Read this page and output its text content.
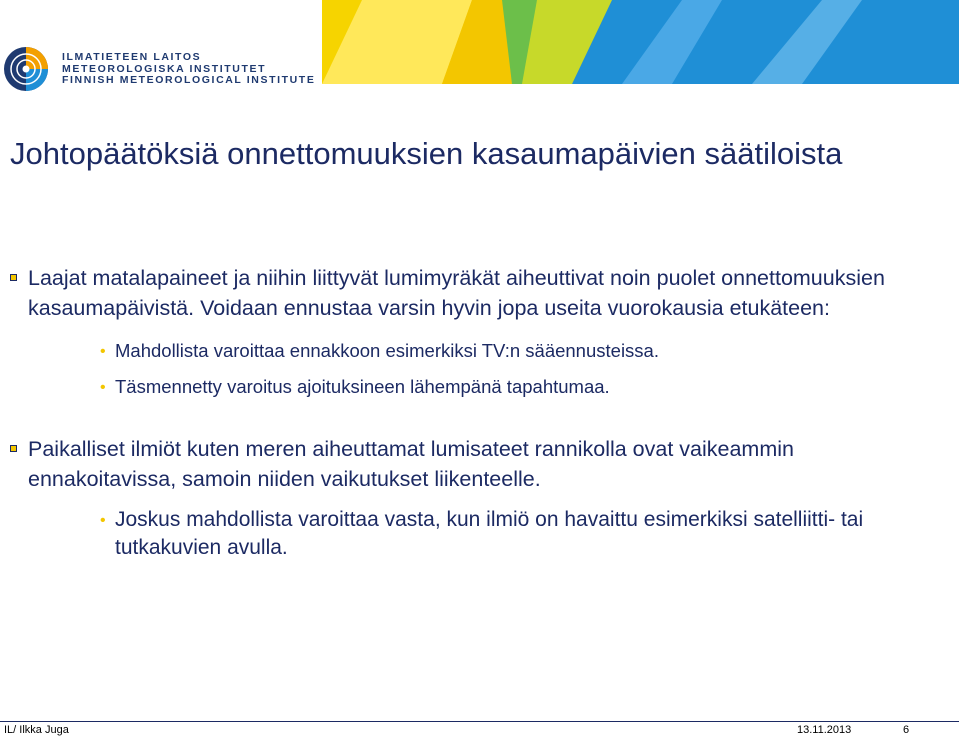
ILMATIETEEN LAITOS
METEOROLOGISKA INSTITUTET
FINNISH METEOROLOGICAL INSTITUTE
Johtopäätöksiä onnettomuuksien kasaumapäivien säätiloista
Laajat matalapaineet ja niihin liittyvät lumimyräkät aiheuttivat noin puolet onnettomuuksien kasaumapäivistä. Voidaan ennustaa varsin hyvin jopa useita vuorokausia etukäteen:
• Mahdollista varoittaa ennakkoon esimerkiksi TV:n sääennusteissa.
• Täsmennetty varoitus ajoituksineen lähempänä tapahtumaa.
Paikalliset ilmiöt kuten meren aiheuttamat lumisateet rannikolla ovat vaikeammin ennakoitavissa, samoin niiden vaikutukset liikenteelle.
• Joskus mahdollista varoittaa vasta, kun ilmiö on havaittu esimerkiksi satelliitti- tai tutkakuvien avulla.
IL/ Ilkka Juga	13.11.2013	6
